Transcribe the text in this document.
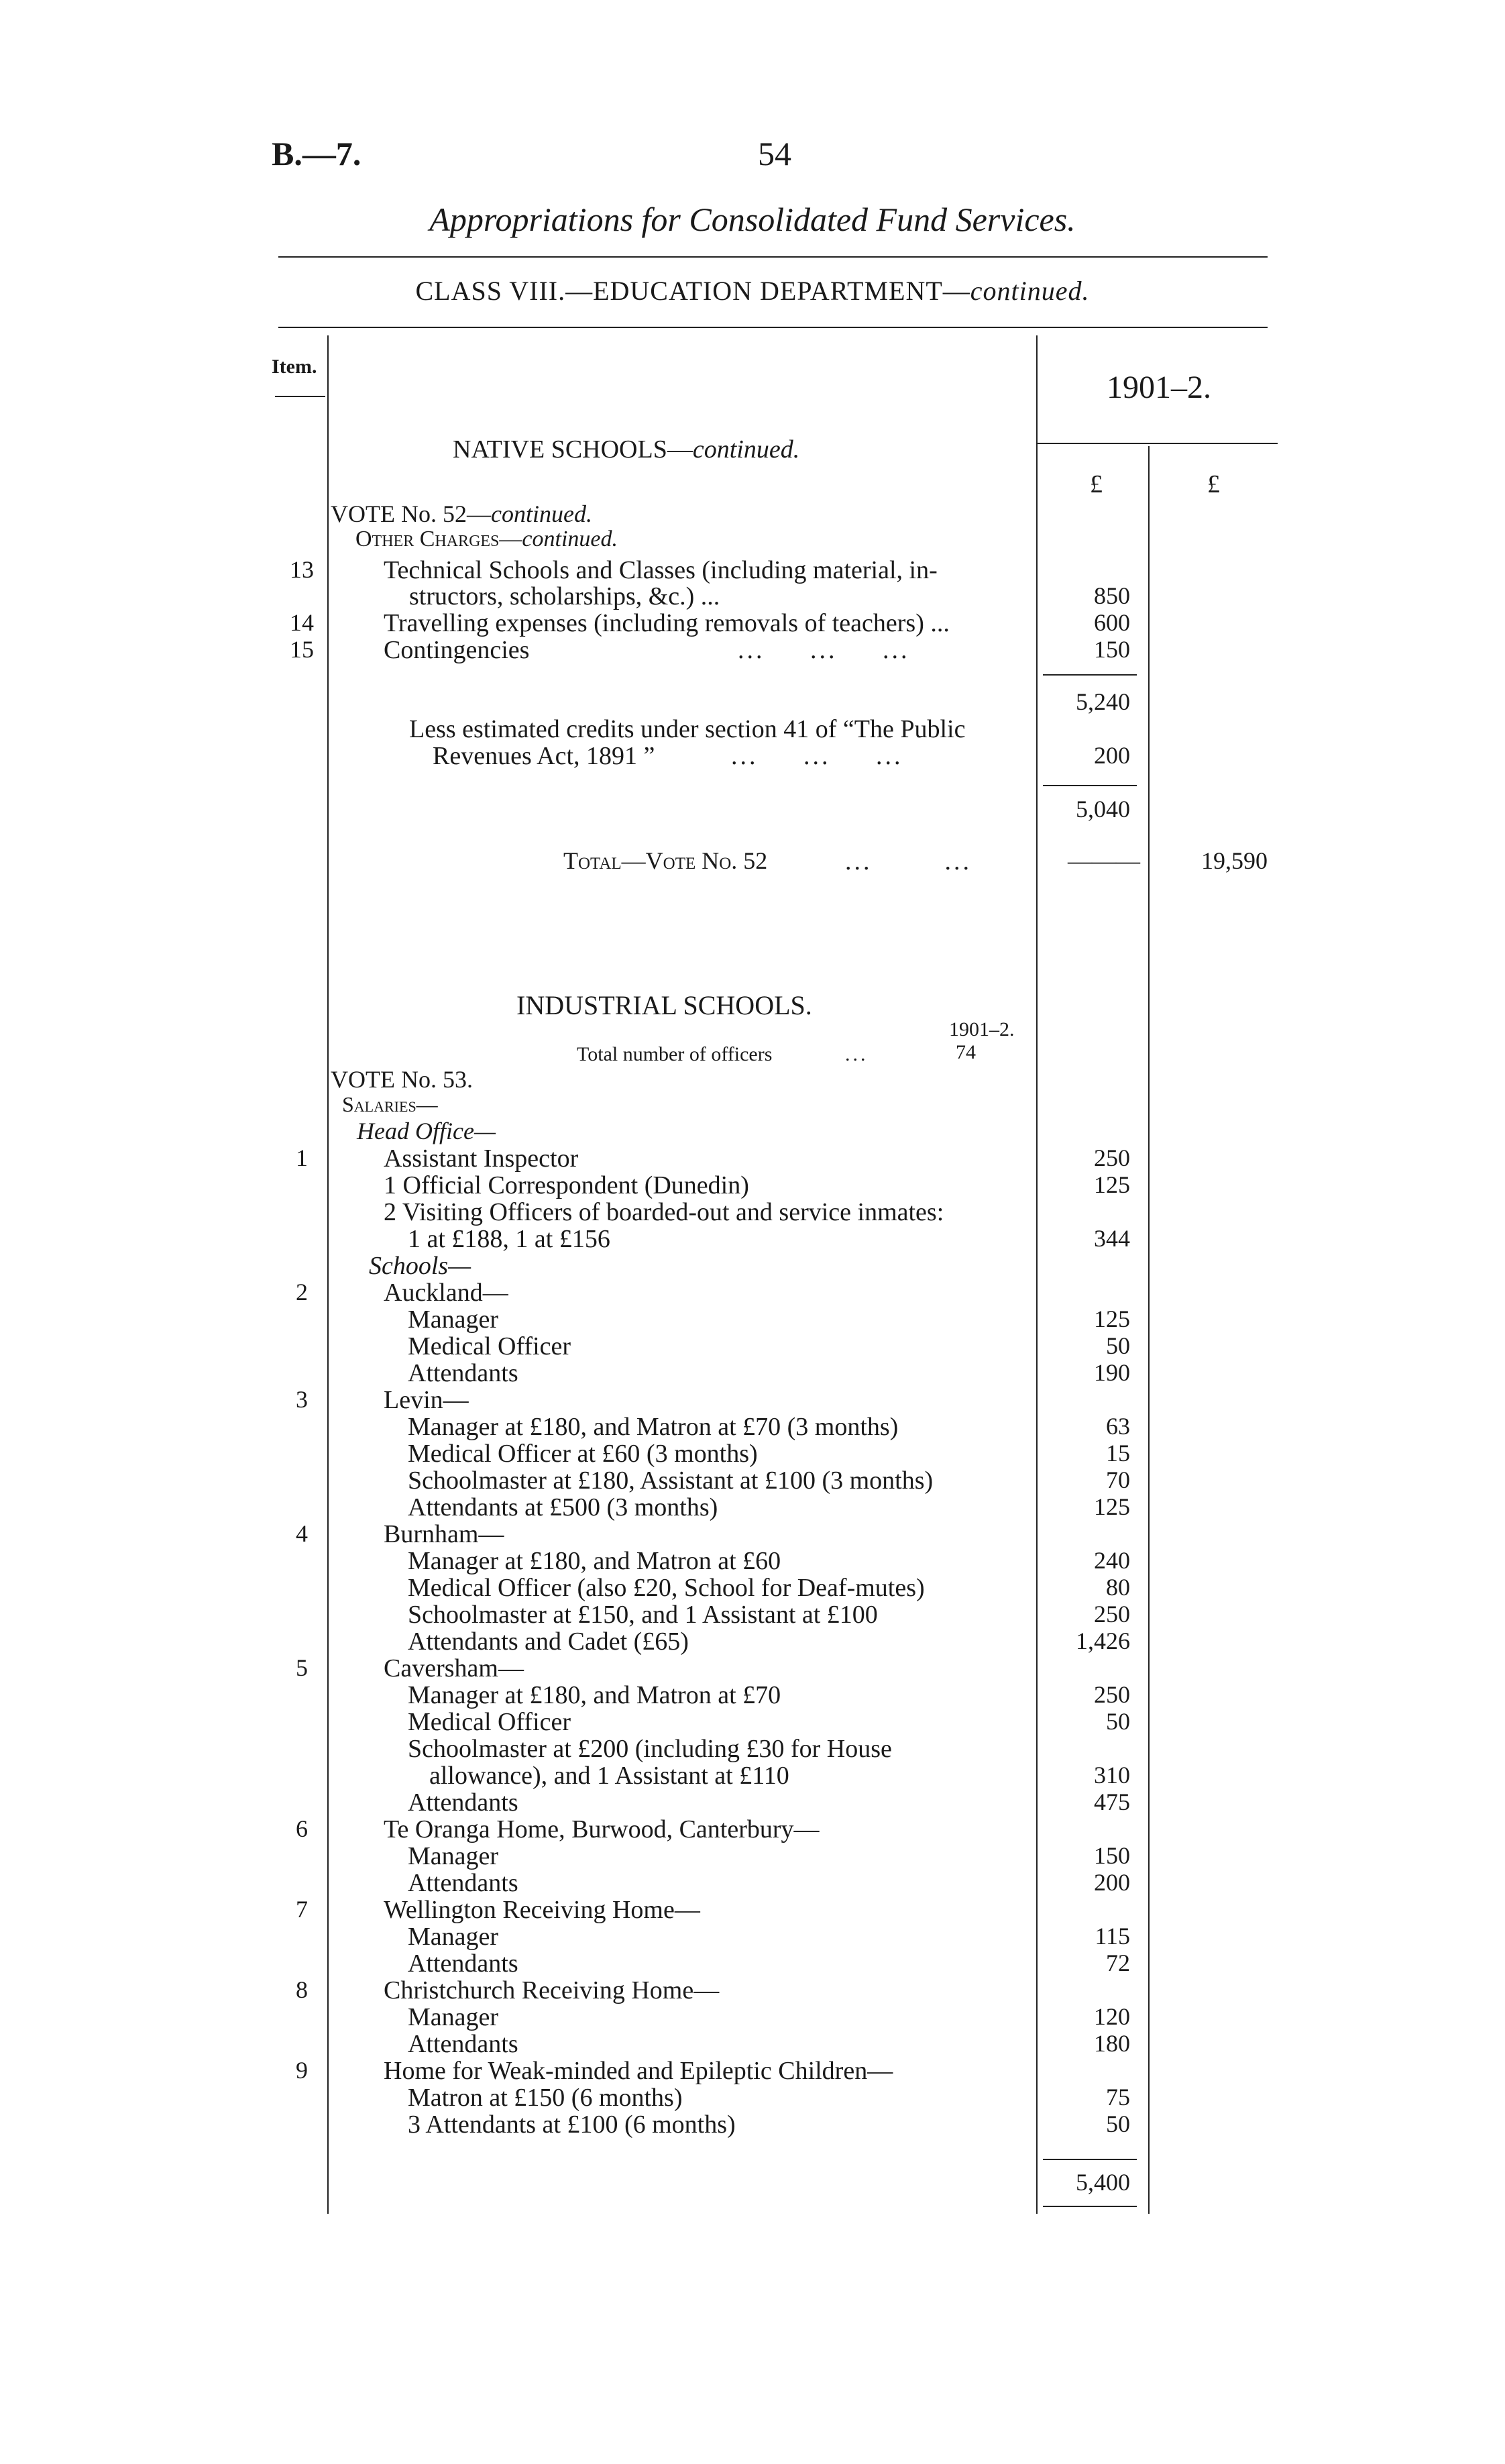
B.—7.	54
Appropriations for Consolidated Fund Services.
CLASS VIII.—EDUCATION DEPARTMENT—continued.
Item.
1901–2.
£	£
NATIVE SCHOOLS—continued.
VOTE No. 52—continued.
Other Charges—continued.
13	Technical Schools and Classes (including material, in-
structors, scholarships, &c.) ...	850
14	Travelling expenses (including removals of teachers) ...	600
15	Contingencies	...     ...     ...	150
5,240
Less estimated credits under section 41 of “The Public
Revenues Act, 1891 ”	...     ...     ...	200
5,040
Total—Vote No. 52	...        ...	———	19,590
INDUSTRIAL SCHOOLS.
1901–2.
Total number of officers	...	74
VOTE No. 53.
Salaries—
Head Office—
1	Assistant Inspector	250
1 Official Correspondent (Dunedin)	125
2 Visiting Officers of boarded-out and service inmates:
1 at £188, 1 at £156	344
Schools—
2	Auckland—
Manager	125
Medical Officer	50
Attendants	190
3	Levin—
Manager at £180, and Matron at £70 (3 months)	63
Medical Officer at £60 (3 months)	15
Schoolmaster at £180, Assistant at £100 (3 months)	70
Attendants at £500 (3 months)	125
4	Burnham—
Manager at £180, and Matron at £60	240
Medical Officer (also £20, School for Deaf-mutes)	80
Schoolmaster at £150, and 1 Assistant at £100	250
Attendants and Cadet (£65)	1,426
5	Caversham—
Manager at £180, and Matron at £70	250
Medical Officer	50
Schoolmaster at £200 (including £30 for House
allowance), and 1 Assistant at £110	310
Attendants	475
6	Te Oranga Home, Burwood, Canterbury—
Manager	150
Attendants	200
7	Wellington Receiving Home—
Manager	115
Attendants	72
8	Christchurch Receiving Home—
Manager	120
Attendants	180
9	Home for Weak-minded and Epileptic Children—
Matron at £150 (6 months)	75
3 Attendants at £100 (6 months)	50
5,400
